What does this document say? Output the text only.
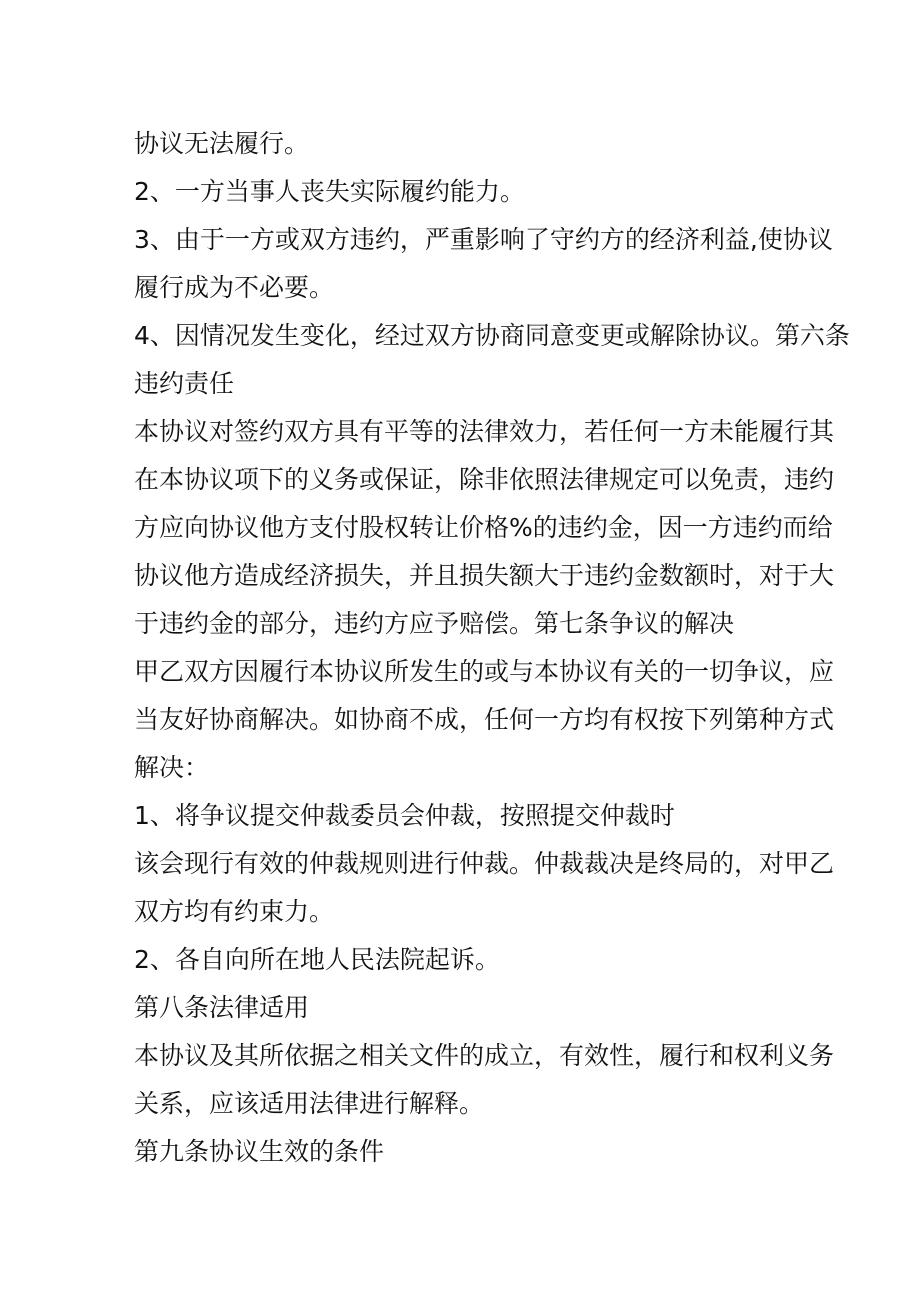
协议无法履行。

2、一方当事人丧失实际履约能力。

3、由于一方或双方违约，严重影响了守约方的经济利益,使协议

履行成为不必要。

4、因情况发生变化，经过双方协商同意变更或解除协议。第六条

违约责任

本协议对签约双方具有平等的法律效力，若任何一方未能履行其

在本协议项下的义务或保证，除非依照法律规定可以免责，违约

方应向协议他方支付股权转让价格%的违约金，因一方违约而给

协议他方造成经济损失，并且损失额大于违约金数额时，对于大

于违约金的部分，违约方应予赔偿。第七条争议的解决

甲乙双方因履行本协议所发生的或与本协议有关的一切争议，应

当友好协商解决。如协商不成，任何一方均有权按下列第种方式

解决：

1、将争议提交仲裁委员会仲裁，按照提交仲裁时

该会现行有效的仲裁规则进行仲裁。仲裁裁决是终局的，对甲乙

双方均有约束力。

2、各自向所在地人民法院起诉。

第八条法律适用

本协议及其所依据之相关文件的成立，有效性，履行和权利义务

关系，应该适用法律进行解释。

第九条协议生效的条件
